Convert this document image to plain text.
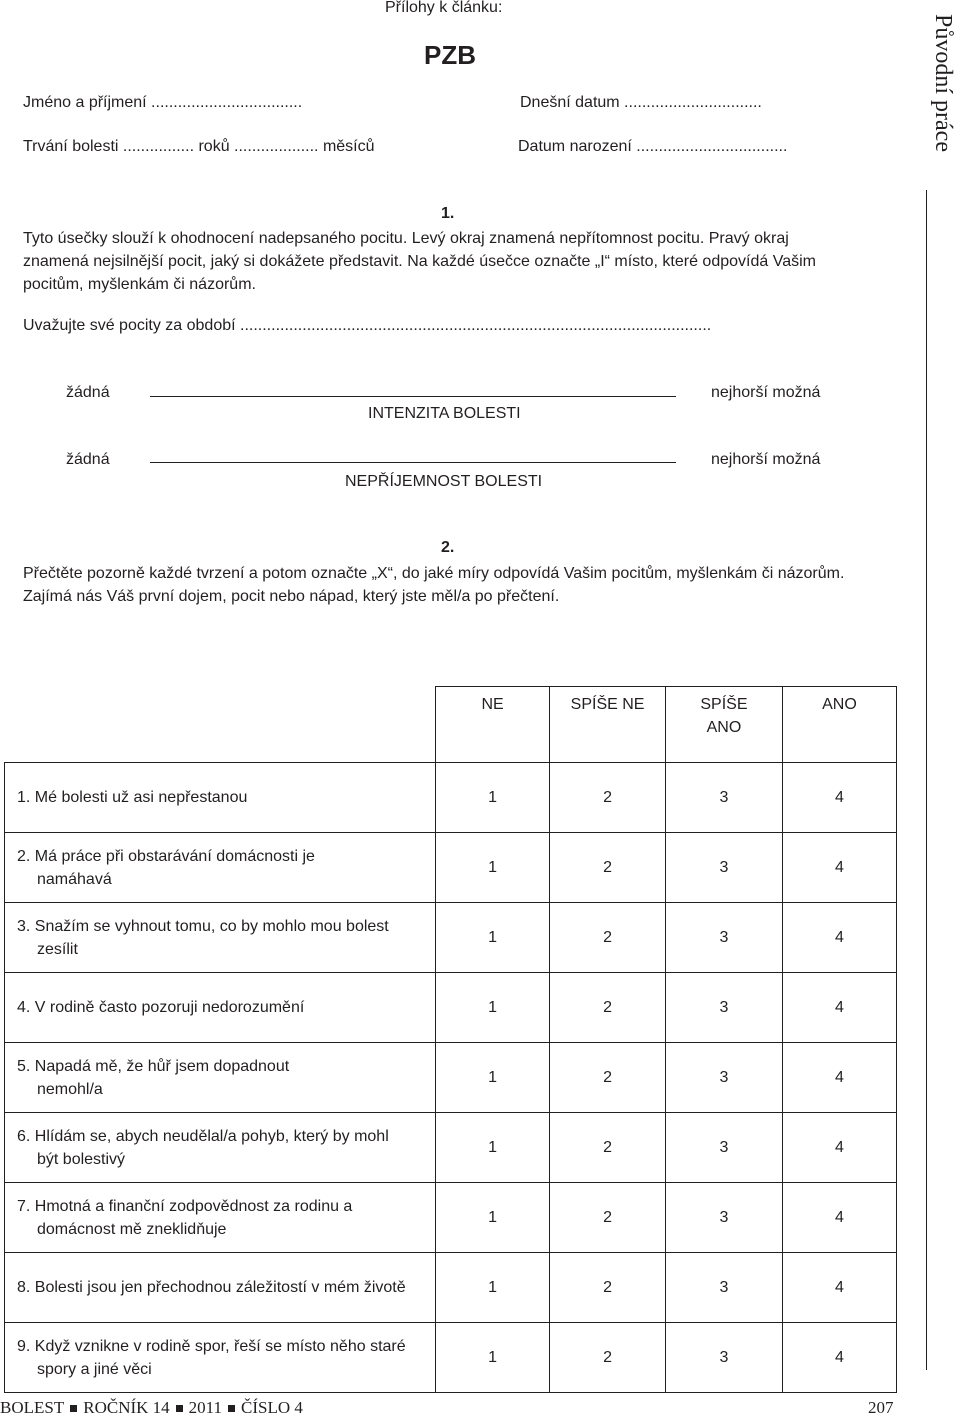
Přílohy k článku:
PZB	Původní práce
Jméno a příjmení ..................................	Dnešní datum ...............................
Trvání bolesti ................ roků ................... měsíců	Datum narození ..................................
1.
Tyto úsečky slouží k ohodnocení nadepsaného pocitu. Levý okraj znamená nepřítomnost pocitu. Pravý okraj znamená nejsilnější pocit, jaký si dokážete představit. Na každé úsečce označte „I“ místo, které odpovídá Vašim pocitům, myšlenkám či názorům.
Uvažujte své pocity za období ..........................................................................................................
žádná	nejhorší možná
INTENZITA BOLESTI
žádná	nejhorší možná
NEPŘÍJEMNOST BOLESTI
2.
Přečtěte pozorně každé tvrzení a potom označte „X“, do jaké míry odpovídá Vašim pocitům, myšlenkám či názorům. Zajímá nás Váš první dojem, pocit nebo nápad, který jste měl/a po přečtení.
	NE	SPÍŠE NE	SPÍŠE ANO	ANO

1. Mé bolesti už asi nepřestanou	1	2	3	4

2. Má práce při obstarávání domácnosti je namáhavá	1	2	3	4

3. Snažím se vyhnout tomu, co by mohlo mou bolest zesílit	1	2	3	4

4. V rodině často pozoruji nedorozumění	1	2	3	4

5. Napadá mě, že hůř jsem dopadnout nemohl/a	1	2	3	4

6. Hlídám se, abych neudělal/a pohyb, který by mohl být bolestivý	1	2	3	4

7. Hmotná a finanční zodpovědnost za rodinu a domácnost mě zneklidňuje	1	2	3	4

8. Bolesti jsou jen přechodnou záležitostí v mém životě	1	2	3	4

9. Když vznikne v rodině spor, řeší se místo něho staré spory a jiné věci	1	2	3	4
BOLEST ROČNÍK 14 2011 ČÍSLO 4	207
